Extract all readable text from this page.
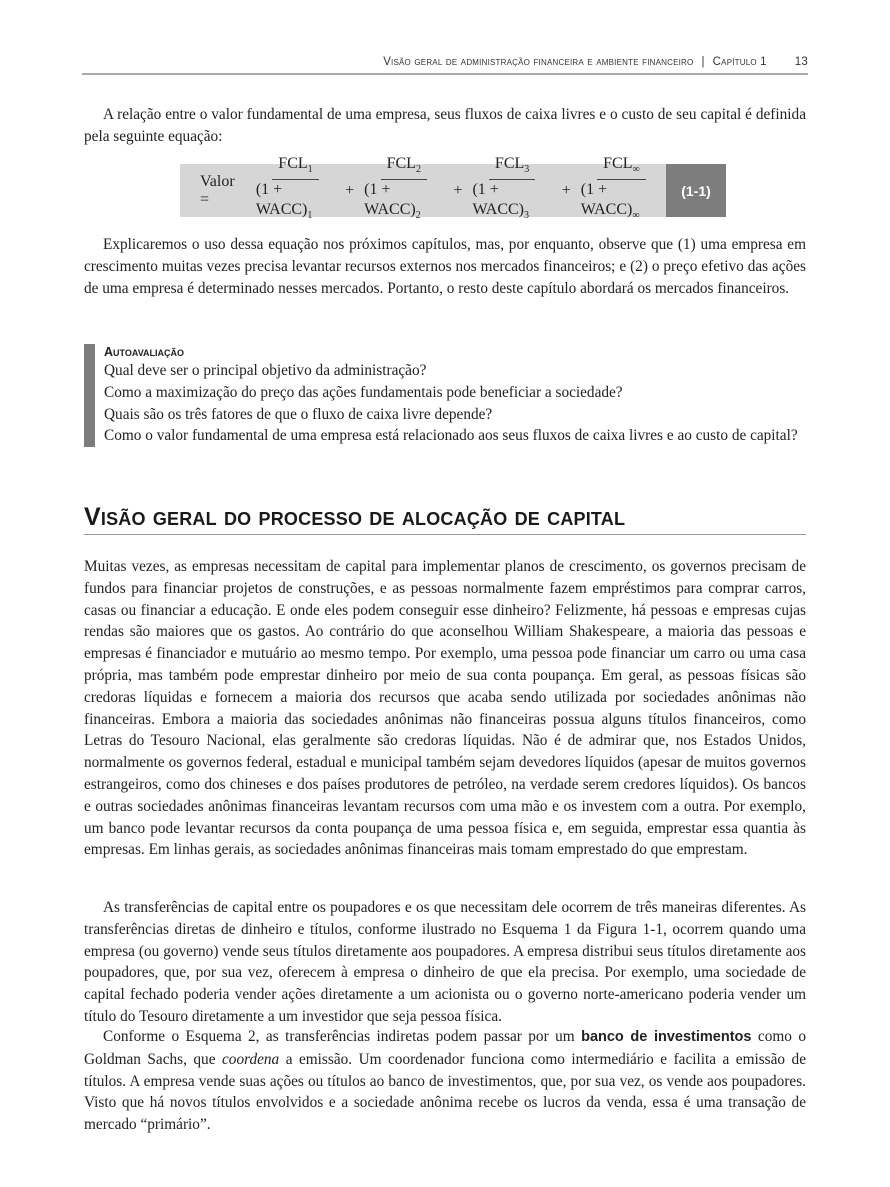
Visão geral de administração financeira e ambiente financeiro | Capítulo 1 13

A relação entre o valor fundamental de uma empresa, seus fluxos de caixa livres e o custo de seu capital é definida pela seguinte equação:

Valor =	$\frac{FCL_1}{(1 + WACC)_1} + \frac{FCL_2}{(1 + WACC)_2} + \frac{FCL_3}{(1 + WACC)_3} + \frac{FCL_\infty}{(1 + WACC)_\infty}$	(1-1)

Explicaremos o uso dessa equação nos próximos capítulos, mas, por enquanto, observe que (1) uma empresa em crescimento muitas vezes precisa levantar recursos externos nos mercados financeiros; e (2) o preço efetivo das ações de uma empresa é determinado nesses mercados. Portanto, o resto deste capítulo abordará os mercados financeiros.

Autoavaliação
Qual deve ser o principal objetivo da administração?
Como a maximização do preço das ações fundamentais pode beneficiar a sociedade?
Quais são os três fatores de que o fluxo de caixa livre depende?
Como o valor fundamental de uma empresa está relacionado aos seus fluxos de caixa livres e ao custo de capital?
Visão geral do processo de alocação de capital

Muitas vezes, as empresas necessitam de capital para implementar planos de crescimento, os governos precisam de fundos para financiar projetos de construções, e as pessoas normalmente fazem empréstimos para comprar carros, casas ou financiar a educação. E onde eles podem conseguir esse dinheiro? Felizmente, há pessoas e empresas cujas rendas são maiores que os gastos. Ao contrário do que aconselhou William Shakespeare, a maioria das pessoas e empresas é financiador e mutuário ao mesmo tempo. Por exemplo, uma pessoa pode financiar um carro ou uma casa própria, mas também pode emprestar dinheiro por meio de sua conta poupança. Em geral, as pessoas físicas são credoras líquidas e fornecem a maioria dos recursos que acaba sendo utilizada por sociedades anônimas não financeiras. Embora a maioria das sociedades anônimas não financeiras possua alguns títulos financeiros, como Letras do Tesouro Nacional, elas geralmente são credoras líquidas. Não é de admirar que, nos Estados Unidos, normalmente os governos federal, estadual e municipal também sejam devedores líquidos (apesar de muitos governos estrangeiros, como dos chineses e dos países produtores de petróleo, na verdade serem credores líquidos). Os bancos e outras sociedades anônimas financeiras levantam recursos com uma mão e os investem com a outra. Por exemplo, um banco pode levantar recursos da conta poupança de uma pessoa física e, em seguida, emprestar essa quantia às empresas. Em linhas gerais, as sociedades anônimas financeiras mais tomam emprestado do que emprestam.

As transferências de capital entre os poupadores e os que necessitam dele ocorrem de três maneiras diferentes. As transferências diretas de dinheiro e títulos, conforme ilustrado no Esquema 1 da Figura 1-1, ocorrem quando uma empresa (ou governo) vende seus títulos diretamente aos poupadores. A empresa distribui seus títulos diretamente aos poupadores, que, por sua vez, oferecem à empresa o dinheiro de que ela precisa. Por exemplo, uma sociedade de capital fechado poderia vender ações diretamente a um acionista ou o governo norte-americano poderia vender um título do Tesouro diretamente a um investidor que seja pessoa física.

Conforme o Esquema 2, as transferências indiretas podem passar por um banco de investimentos como o Goldman Sachs, que coordena a emissão. Um coordenador funciona como intermediário e facilita a emissão de títulos. A empresa vende suas ações ou títulos ao banco de investimentos, que, por sua vez, os vende aos poupadores. Visto que há novos títulos envolvidos e a sociedade anônima recebe os lucros da venda, essa é uma transação de mercado “primário”.
